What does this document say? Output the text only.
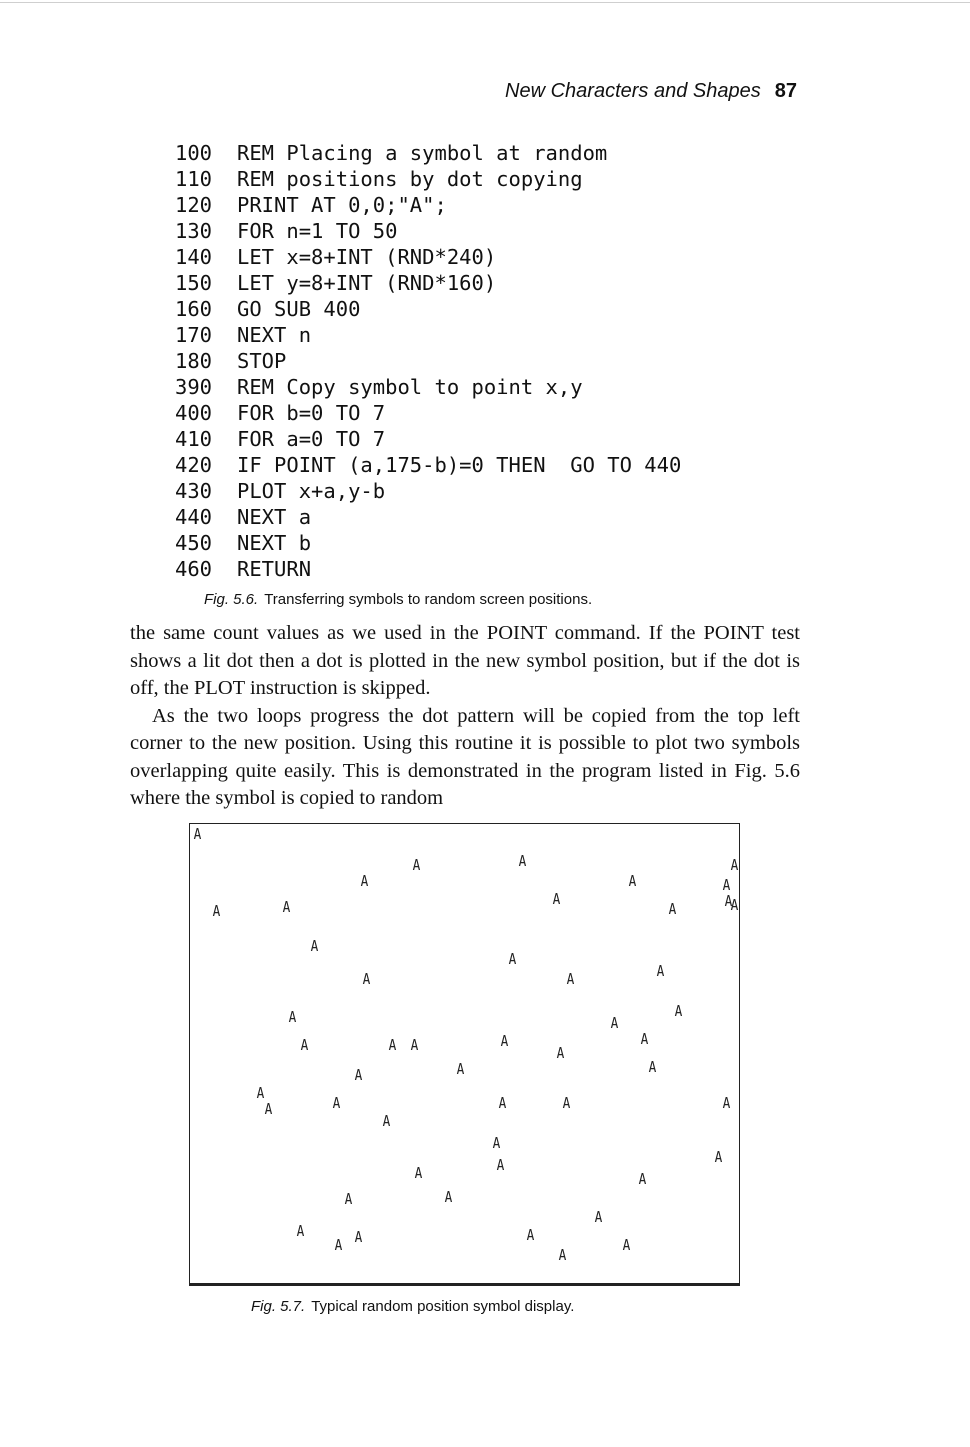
New Characters and Shapes 87
100 REM Placing a symbol at random
110 REM positions by dot copying
120 PRINT AT 0,0;"A";
130 FOR n=1 TO 50
140 LET x=8+INT (RND*240)
150 LET y=8+INT (RND*160)
160 GO SUB 400
170 NEXT n
180 STOP
390 REM Copy symbol to point x,y
400 FOR b=0 TO 7
410 FOR a=0 TO 7
420 IF POINT (a,175-b)=0 THEN  GO TO 440
430 PLOT x+a,y-b
440 NEXT a
450 NEXT b
460 RETURN
Fig. 5.6. Transferring symbols to random screen positions.

the same count values as we used in the POINT command. If the POINT test shows a lit dot then a dot is plotted in the new symbol position, but if the dot is off, the PLOT instruction is skipped.

As the two loops progress the dot pattern will be copied from the top left corner to the new position. Using this routine it is possible to plot two symbols overlapping quite easily. This is demonstrated in the program listed in Fig. 5.6 where the symbol is copied to random

A
A
A	A	A
A	A
A
A
A	A	A
A
A
A
A	A	A
A	A
A
A	A A	A
A
A
A	A	A
A
A	A	A	A	A
A
A
A	A
A	A
A
A
A
A
A A	A
A
A
Fig. 5.7. Typical random position symbol display.
